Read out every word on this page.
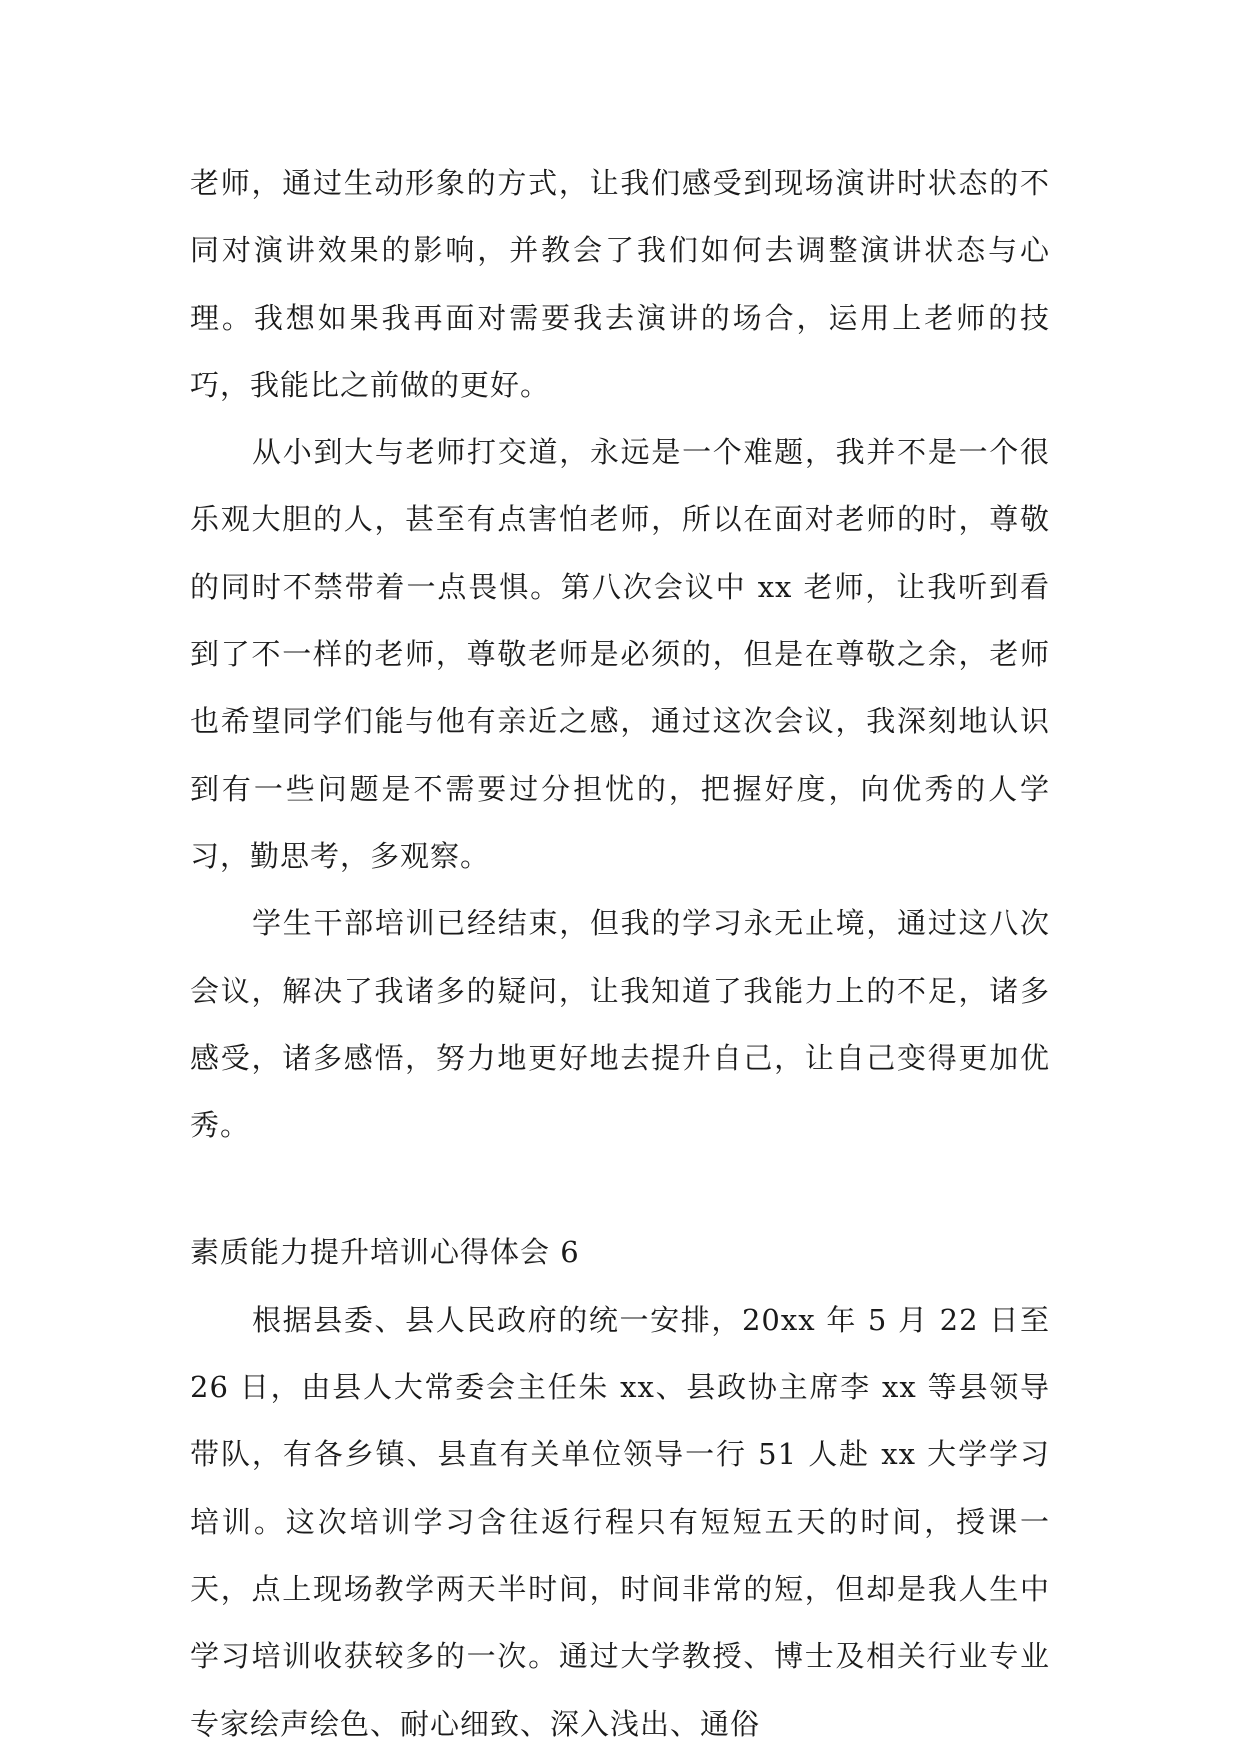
老师，通过生动形象的方式，让我们感受到现场演讲时状态的不同对演讲效果的影响，并教会了我们如何去调整演讲状态与心理。我想如果我再面对需要我去演讲的场合，运用上老师的技巧，我能比之前做的更好。

从小到大与老师打交道，永远是一个难题，我并不是一个很乐观大胆的人，甚至有点害怕老师，所以在面对老师的时，尊敬的同时不禁带着一点畏惧。第八次会议中 xx 老师，让我听到看到了不一样的老师，尊敬老师是必须的，但是在尊敬之余，老师也希望同学们能与他有亲近之感，通过这次会议，我深刻地认识到有一些问题是不需要过分担忧的，把握好度，向优秀的人学习，勤思考，多观察。

学生干部培训已经结束，但我的学习永无止境，通过这八次会议，解决了我诸多的疑问，让我知道了我能力上的不足，诸多感受，诸多感悟，努力地更好地去提升自己，让自己变得更加优秀。

素质能力提升培训心得体会 6

根据县委、县人民政府的统一安排，20xx 年 5 月 22 日至 26 日，由县人大常委会主任朱 xx、县政协主席李 xx 等县领导带队，有各乡镇、县直有关单位领导一行 51 人赴 xx 大学学习培训。这次培训学习含往返行程只有短短五天的时间，授课一天，点上现场教学两天半时间，时间非常的短，但却是我人生中学习培训收获较多的一次。通过大学教授、博士及相关行业专业专家绘声绘色、耐心细致、深入浅出、通俗
